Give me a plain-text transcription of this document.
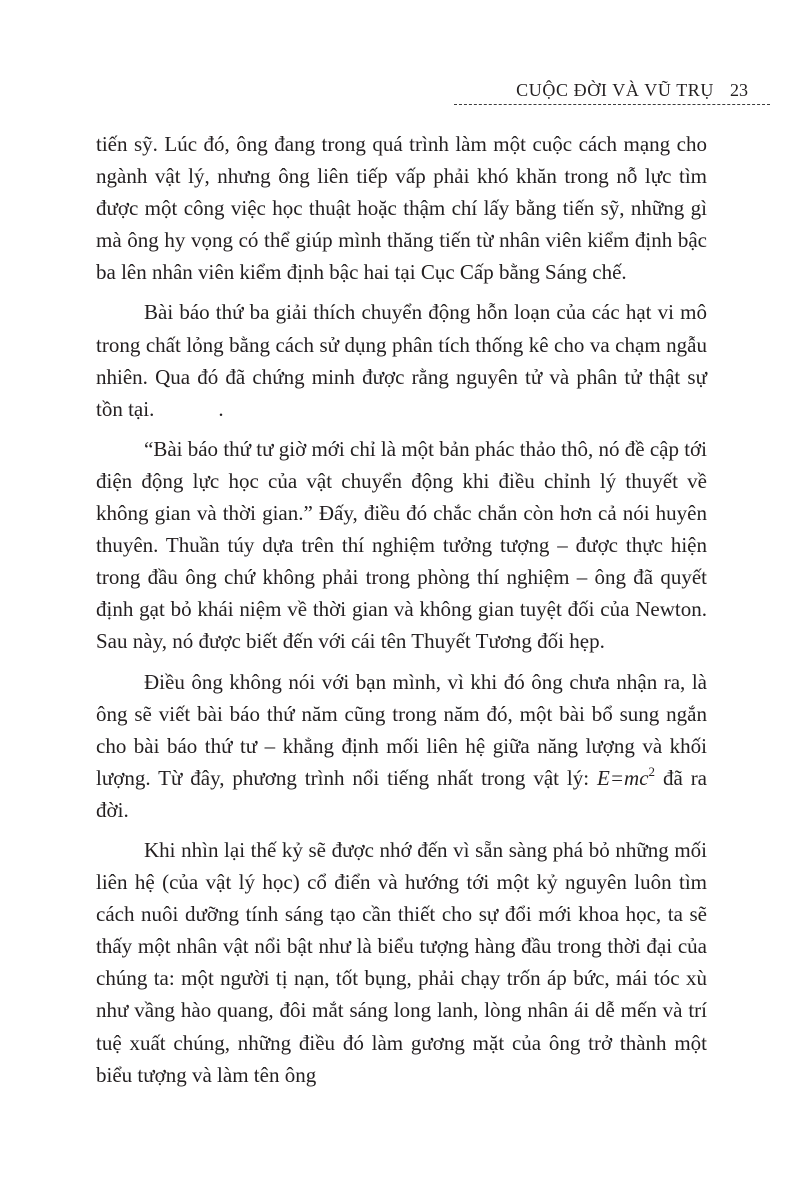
CUỘC ĐỜI VÀ VŨ TRỤ 23

tiến sỹ. Lúc đó, ông đang trong quá trình làm một cuộc cách mạng cho ngành vật lý, nhưng ông liên tiếp vấp phải khó khăn trong nỗ lực tìm được một công việc học thuật hoặc thậm chí lấy bằng tiến sỹ, những gì mà ông hy vọng có thể giúp mình thăng tiến từ nhân viên kiểm định bậc ba lên nhân viên kiểm định bậc hai tại Cục Cấp bằng Sáng chế.

Bài báo thứ ba giải thích chuyển động hỗn loạn của các hạt vi mô trong chất lỏng bằng cách sử dụng phân tích thống kê cho va chạm ngẫu nhiên. Qua đó đã chứng minh được rằng nguyên tử và phân tử thật sự tồn tại.	.

“Bài báo thứ tư giờ mới chỉ là một bản phác thảo thô, nó đề cập tới điện động lực học của vật chuyển động khi điều chỉnh lý thuyết về không gian và thời gian.” Đấy, điều đó chắc chắn còn hơn cả nói huyên thuyên. Thuần túy dựa trên thí nghiệm tưởng tượng – được thực hiện trong đầu ông chứ không phải trong phòng thí nghiệm – ông đã quyết định gạt bỏ khái niệm về thời gian và không gian tuyệt đối của Newton. Sau này, nó được biết đến với cái tên Thuyết Tương đối hẹp.

Điều ông không nói với bạn mình, vì khi đó ông chưa nhận ra, là ông sẽ viết bài báo thứ năm cũng trong năm đó, một bài bổ sung ngắn cho bài báo thứ tư – khẳng định mối liên hệ giữa năng lượng và khối lượng. Từ đây, phương trình nổi tiếng nhất trong vật lý: $E=mc^2$ đã ra đời.

Khi nhìn lại thế kỷ sẽ được nhớ đến vì sẵn sàng phá bỏ những mối liên hệ (của vật lý học) cổ điển và hướng tới một kỷ nguyên luôn tìm cách nuôi dưỡng tính sáng tạo cần thiết cho sự đổi mới khoa học, ta sẽ thấy một nhân vật nổi bật như là biểu tượng hàng đầu trong thời đại của chúng ta: một người tị nạn, tốt bụng, phải chạy trốn áp bức, mái tóc xù như vầng hào quang, đôi mắt sáng long lanh, lòng nhân ái dễ mến và trí tuệ xuất chúng, những điều đó làm gương mặt của ông trở thành một biểu tượng và làm tên ông
